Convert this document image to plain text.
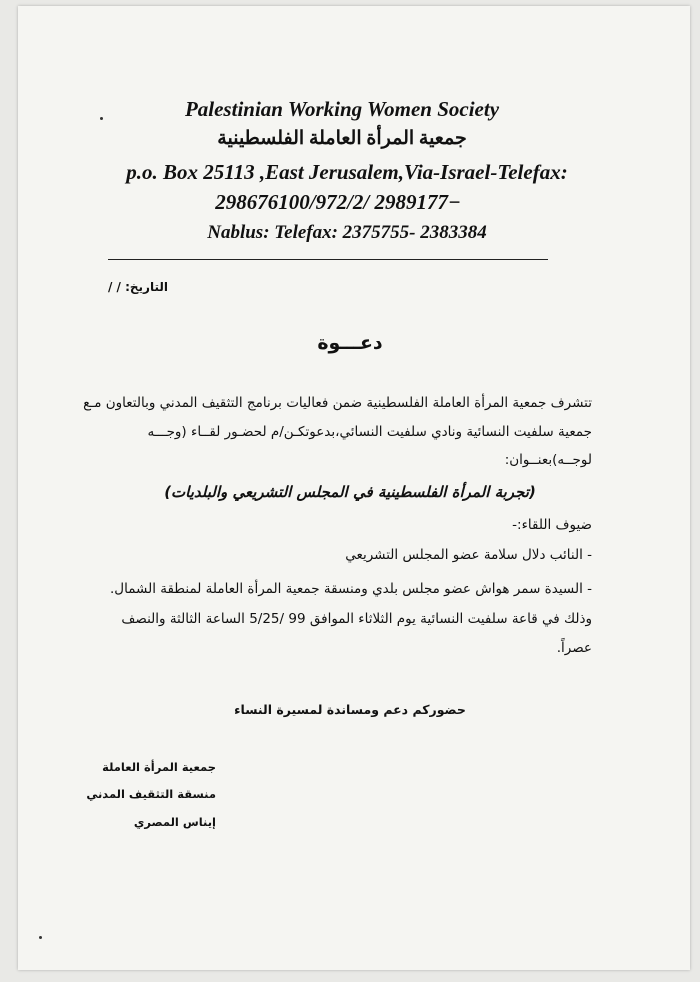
Palestinian Working Women Society
جمعية المرأة العاملة الفلسطينية
p.o. Box 25113 ,East Jerusalem,Via-Israel-Telefax:
298676100/972/2/ 2989177−
Nablus: Telefax: 2375755- 2383384
التاريخ: / /
دعـــوة
تتشرف جمعية المرأة العاملة الفلسطينية ضمن فعاليات برنامج التثقيف المدني وبالتعاون مـع
جمعية سلفيت النسائية ونادي سلفيت النسائي،بدعوتكـن/م لحضـور لقــاء (وجـــه
لوجــه)بعنــوان:
(تجربة المرأة الفلسطينية في المجلس التشريعي والبلديات)
ضيوف اللقاء:-
- النائب دلال سلامة عضو المجلس التشريعي
- السيدة سمر هواش عضو مجلس بلدي ومنسقة جمعية المرأة العاملة لمنطقة الشمال.
وذلك في قاعة سلفيت النسائية يوم الثلاثاء الموافق 99 /5/25 الساعة الثالثة والنصف
عصراً.
حضوركم دعم ومساندة لمسيرة النساء
جمعية المرأة العاملة
منسقة التثقيف المدني
إيناس المصري
